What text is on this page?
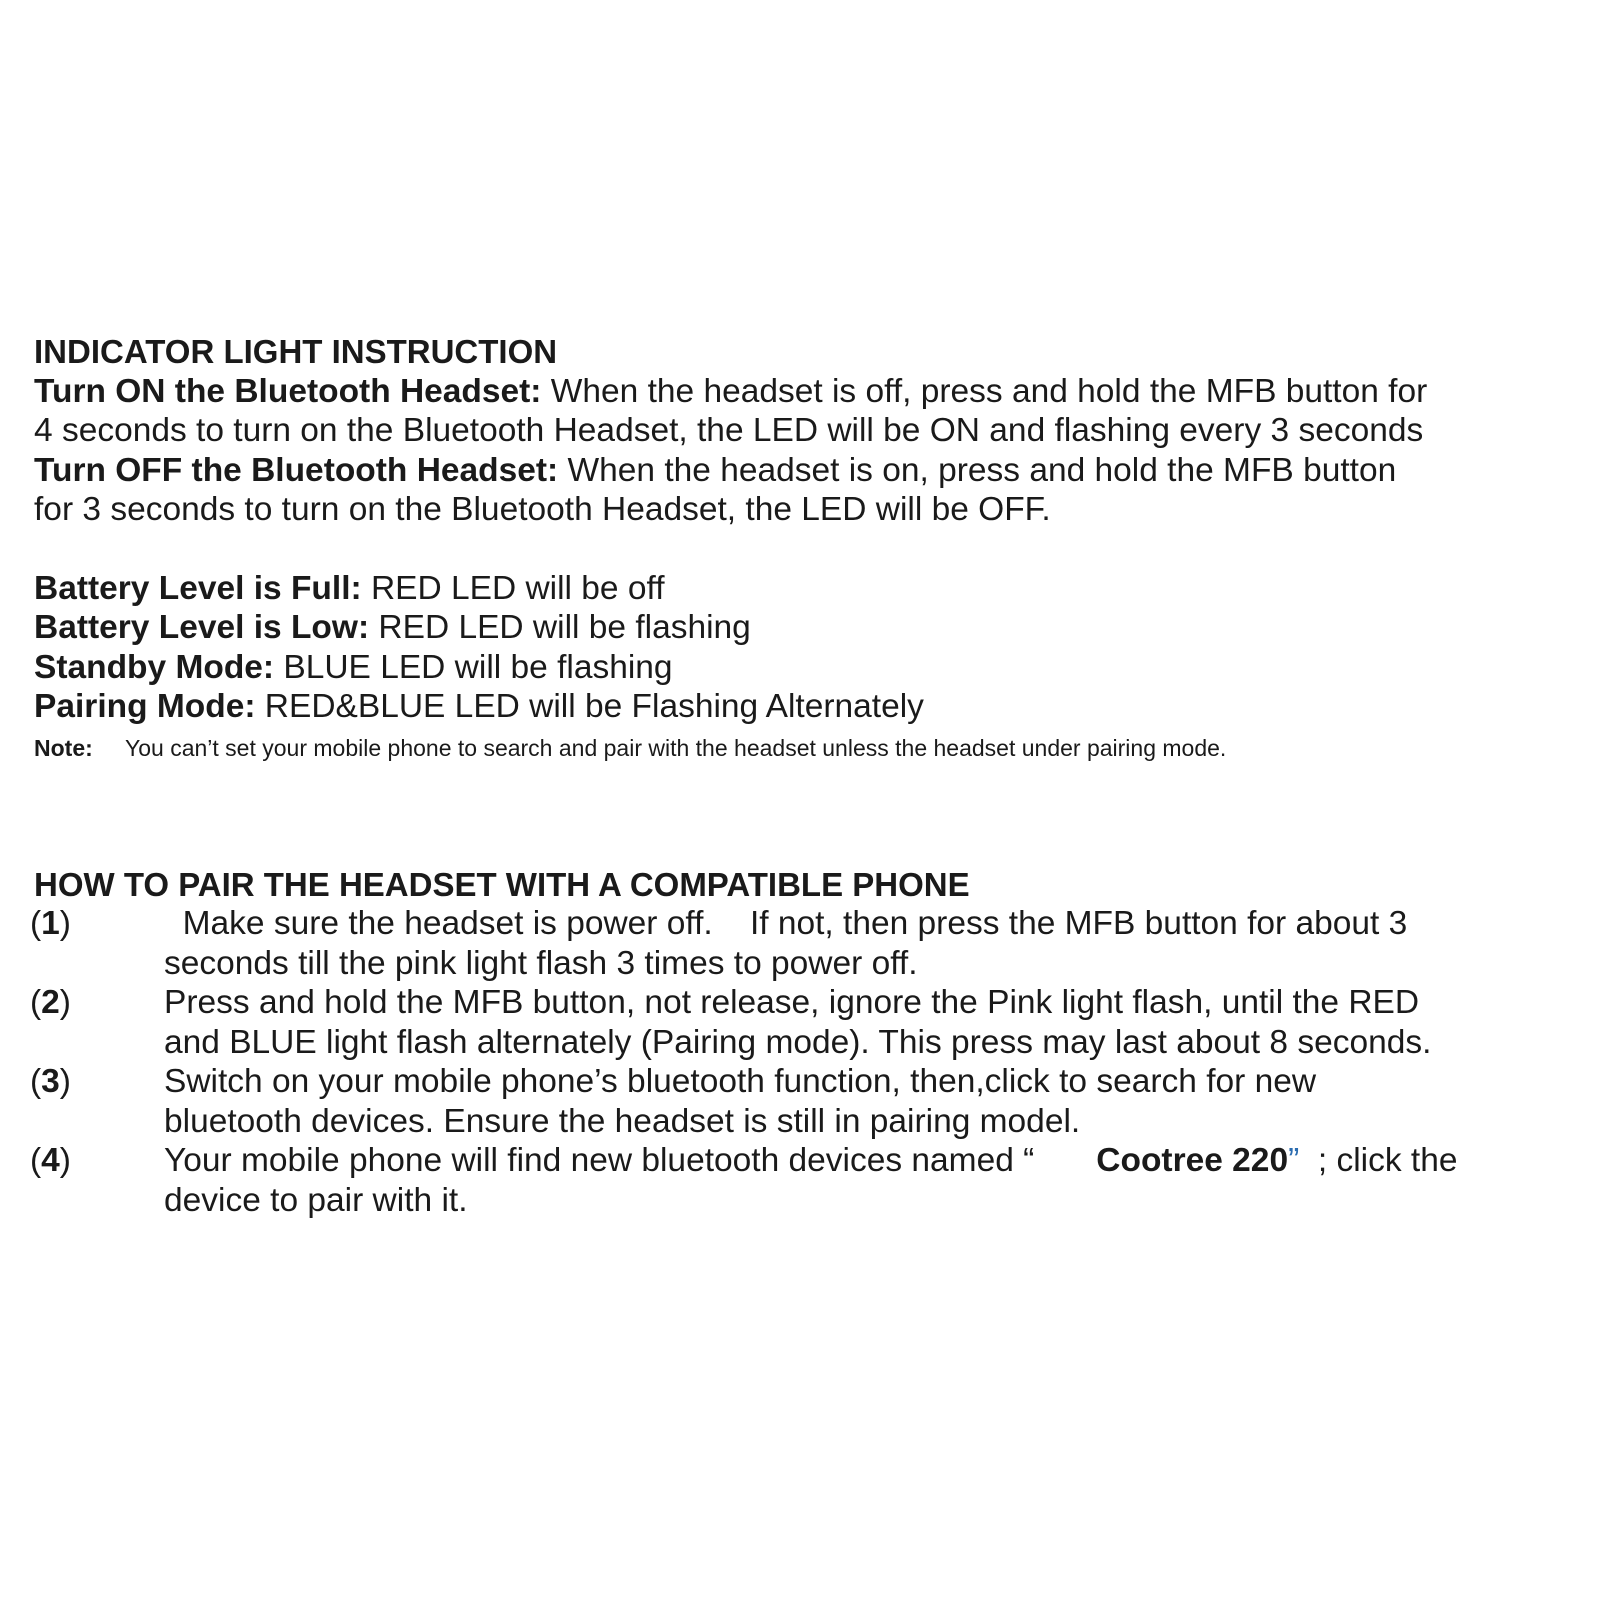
INDICATOR LIGHT INSTRUCTION
Turn ON the Bluetooth Headset: When the headset is off, press and hold the MFB button for
4 seconds to turn on the Bluetooth Headset, the LED will be ON and flashing every 3 seconds
Turn OFF the Bluetooth Headset: When the headset is on, press and hold the MFB button
for 3 seconds to turn on the Bluetooth Headset, the LED will be OFF.
Battery Level is Full: RED LED will be off
Battery Level is Low: RED LED will be flashing
Standby Mode: BLUE LED will be flashing
Pairing Mode: RED&BLUE LED will be Flashing Alternately
Note: You can’t set your mobile phone to search and pair with the headset unless the headset under pairing mode.
HOW TO PAIR THE HEADSET WITH A COMPATIBLE PHONE
(1)	Make sure the headset is power off.    If not, then press the MFB button for about 3
seconds till the pink light flash 3 times to power off.
(2)	Press and hold the MFB button, not release, ignore the Pink light flash, until the RED
and BLUE light flash alternately (Pairing mode). This press may last about 8 seconds.
(3)	Switch on your mobile phone’s bluetooth function, then,click to search for new
bluetooth devices. Ensure the headset is still in pairing model.
(4)	Your mobile phone will find new bluetooth devices named “ Cootree 220”  ; click the
device to pair with it.
